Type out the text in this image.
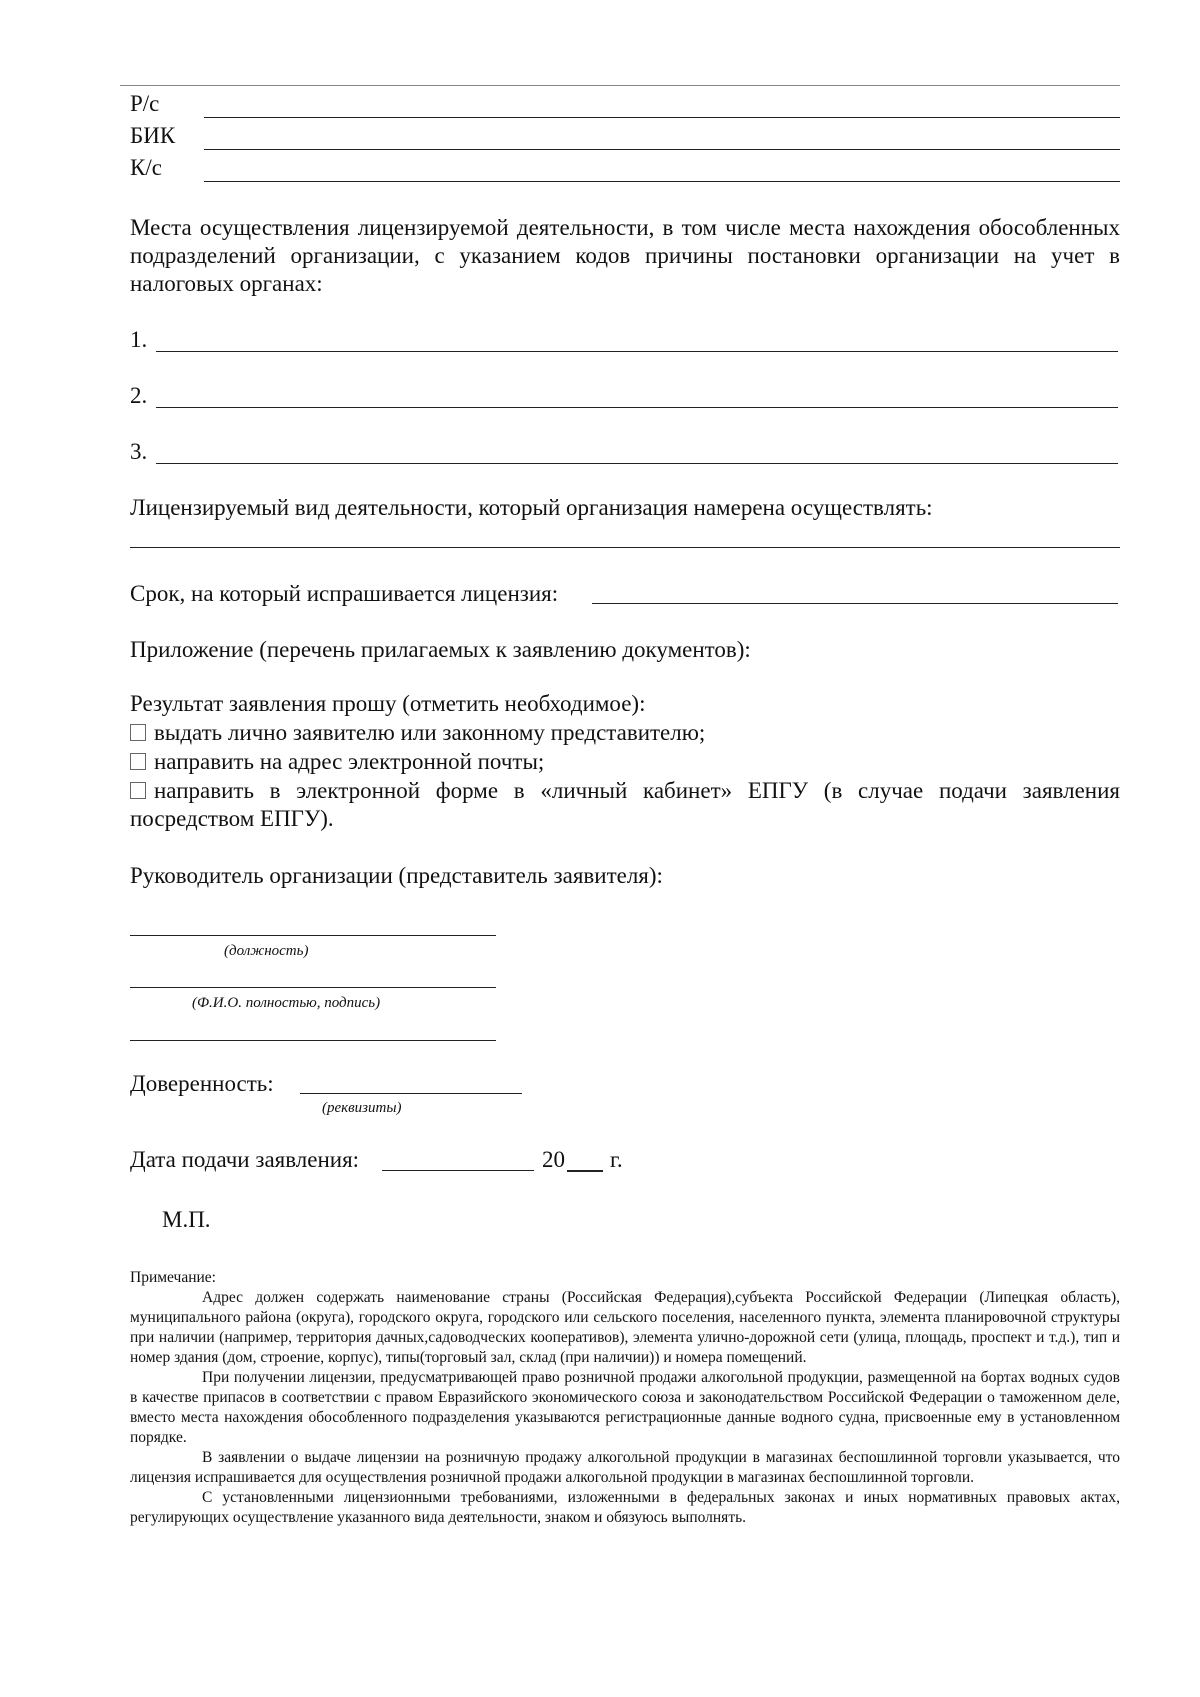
Р/с
БИК
К/с
Места осуществления лицензируемой деятельности, в том числе места нахождения обособленных подразделений организации, с указанием кодов причины постановки организации на учет в налоговых органах:
1.
2.
3.
Лицензируемый вид деятельности, который организация намерена осуществлять:
Срок, на который испрашивается лицензия:
Приложение (перечень прилагаемых к заявлению документов):
Результат заявления прошу (отметить необходимое):
выдать лично заявителю или законному представителю;
направить на адрес электронной почты;
направить в электронной форме в «личный кабинет» ЕПГУ (в случае подачи заявления посредством ЕПГУ).
Руководитель организации (представитель заявителя):
(должность)
(Ф.И.О. полностью, подпись)
Доверенность:
(реквизиты)
Дата подачи заявления:	20 г.
М.П.

Примечание:

Адрес должен содержать наименование страны (Российская Федерация),субъекта Российской Федерации (Липецкая область), муниципального района (округа), городского округа, городского или сельского поселения, населенного пункта, элемента планировочной структуры при наличии (например, территория дачных,садоводческих кооперативов), элемента улично-дорожной сети (улица, площадь, проспект и т.д.), тип и номер здания (дом, строение, корпус), типы(торговый зал, склад (при наличии)) и номера помещений.

При получении лицензии, предусматривающей право розничной продажи алкогольной продукции, размещенной на бортах водных судов в качестве припасов в соответствии с правом Евразийского экономического союза и законодательством Российской Федерации о таможенном деле, вместо места нахождения обособленного подразделения указываются регистрационные данные водного судна, присвоенные ему в установленном порядке.

В заявлении о выдаче лицензии на розничную продажу алкогольной продукции в магазинах беспошлинной торговли указывается, что лицензия испрашивается для осуществления розничной продажи алкогольной продукции в магазинах беспошлинной торговли.

С установленными лицензионными требованиями, изложенными в федеральных законах и иных нормативных правовых актах, регулирующих осуществление указанного вида деятельности, знаком и обязуюсь выполнять.
